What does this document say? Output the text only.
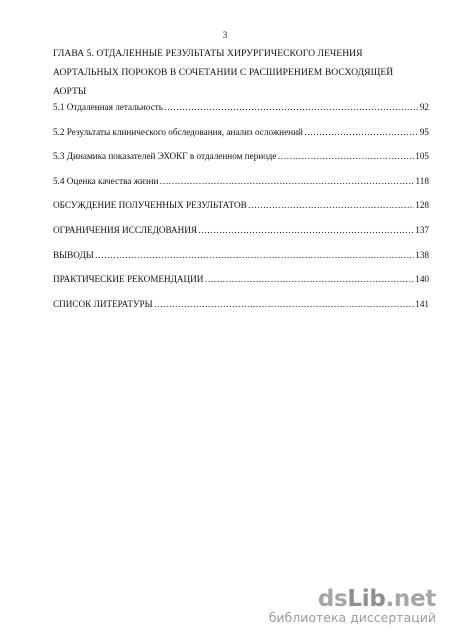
3
ГЛАВА 5. ОТДАЛЕННЫЕ РЕЗУЛЬТАТЫ ХИРУРГИЧЕСКОГО ЛЕЧЕНИЯ
АОРТАЛЬНЫХ ПОРОКОВ В СОЧЕТАНИИ С РАСШИРЕНИЕМ ВОСХОДЯЩЕЙ
АОРТЫ
5.1 Отдаленная летальность ………………………………………………………………………………………………………………………………………………………	92
5.2 Результаты клинического обследования, анализ осложнений ………………………………………………………………………………………………………………………………………………………	95
5.3 Динамика показателей ЭХОКГ в отдаленном периоде ………………………………………………………………………………………………………………………………………………………	105
5.4 Оценка качества жизни ………………………………………………………………………………………………………………………………………………………	118
ОБСУЖДЕНИЕ ПОЛУЧЕННЫХ РЕЗУЛЬТАТОВ ………………………………………………………………………………………………………………………………………………………	128
ОГРАНИЧЕНИЯ ИССЛЕДОВАНИЯ ………………………………………………………………………………………………………………………………………………………	137
ВЫВОДЫ ………………………………………………………………………………………………………………………………………………………	138
ПРАКТИЧЕСКИЕ РЕКОМЕНДАЦИИ ………………………………………………………………………………………………………………………………………………………	140
СПИСОК ЛИТЕРАТУРЫ ………………………………………………………………………………………………………………………………………………………	141
dsLib.net
библиотека диссертаций
